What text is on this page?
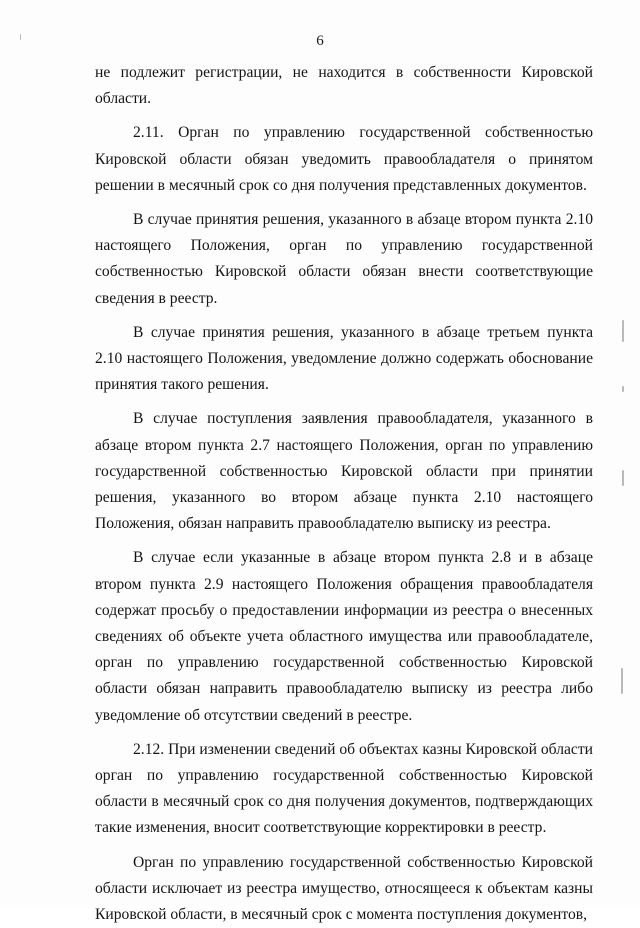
6

не подлежит регистрации, не находится в собственности Кировской области.

2.11. Орган по управлению государственной собственностью Кировской области обязан уведомить правообладателя о принятом решении в месячный срок со дня получения представленных документов.

В случае принятия решения, указанного в абзаце втором пункта 2.10 настоящего Положения, орган по управлению государственной собственностью Кировской области обязан внести соответствующие сведения в реестр.

В случае принятия решения, указанного в абзаце третьем пункта 2.10 настоящего Положения, уведомление должно содержать обоснование принятия такого решения.

В случае поступления заявления правообладателя, указанного в абзаце втором пункта 2.7 настоящего Положения, орган по управлению государственной собственностью Кировской области при принятии решения, указанного во втором абзаце пункта 2.10 настоящего Положения, обязан направить правообладателю выписку из реестра.

В случае если указанные в абзаце втором пункта 2.8 и в абзаце втором пункта 2.9 настоящего Положения обращения правообладателя содержат просьбу о предоставлении информации из реестра о внесенных сведениях об объекте учета областного имущества или правообладателе, орган по управлению государственной собственностью Кировской области обязан направить правообладателю выписку из реестра либо уведомление об отсутствии сведений в реестре.

2.12. При изменении сведений об объектах казны Кировской области орган по управлению государственной собственностью Кировской области в месячный срок со дня получения документов, подтверждающих такие изменения, вносит соответствующие корректировки в реестр.

Орган по управлению государственной собственностью Кировской области исключает из реестра имущество, относящееся к объектам казны Кировской области, в месячный срок с момента поступления документов,
